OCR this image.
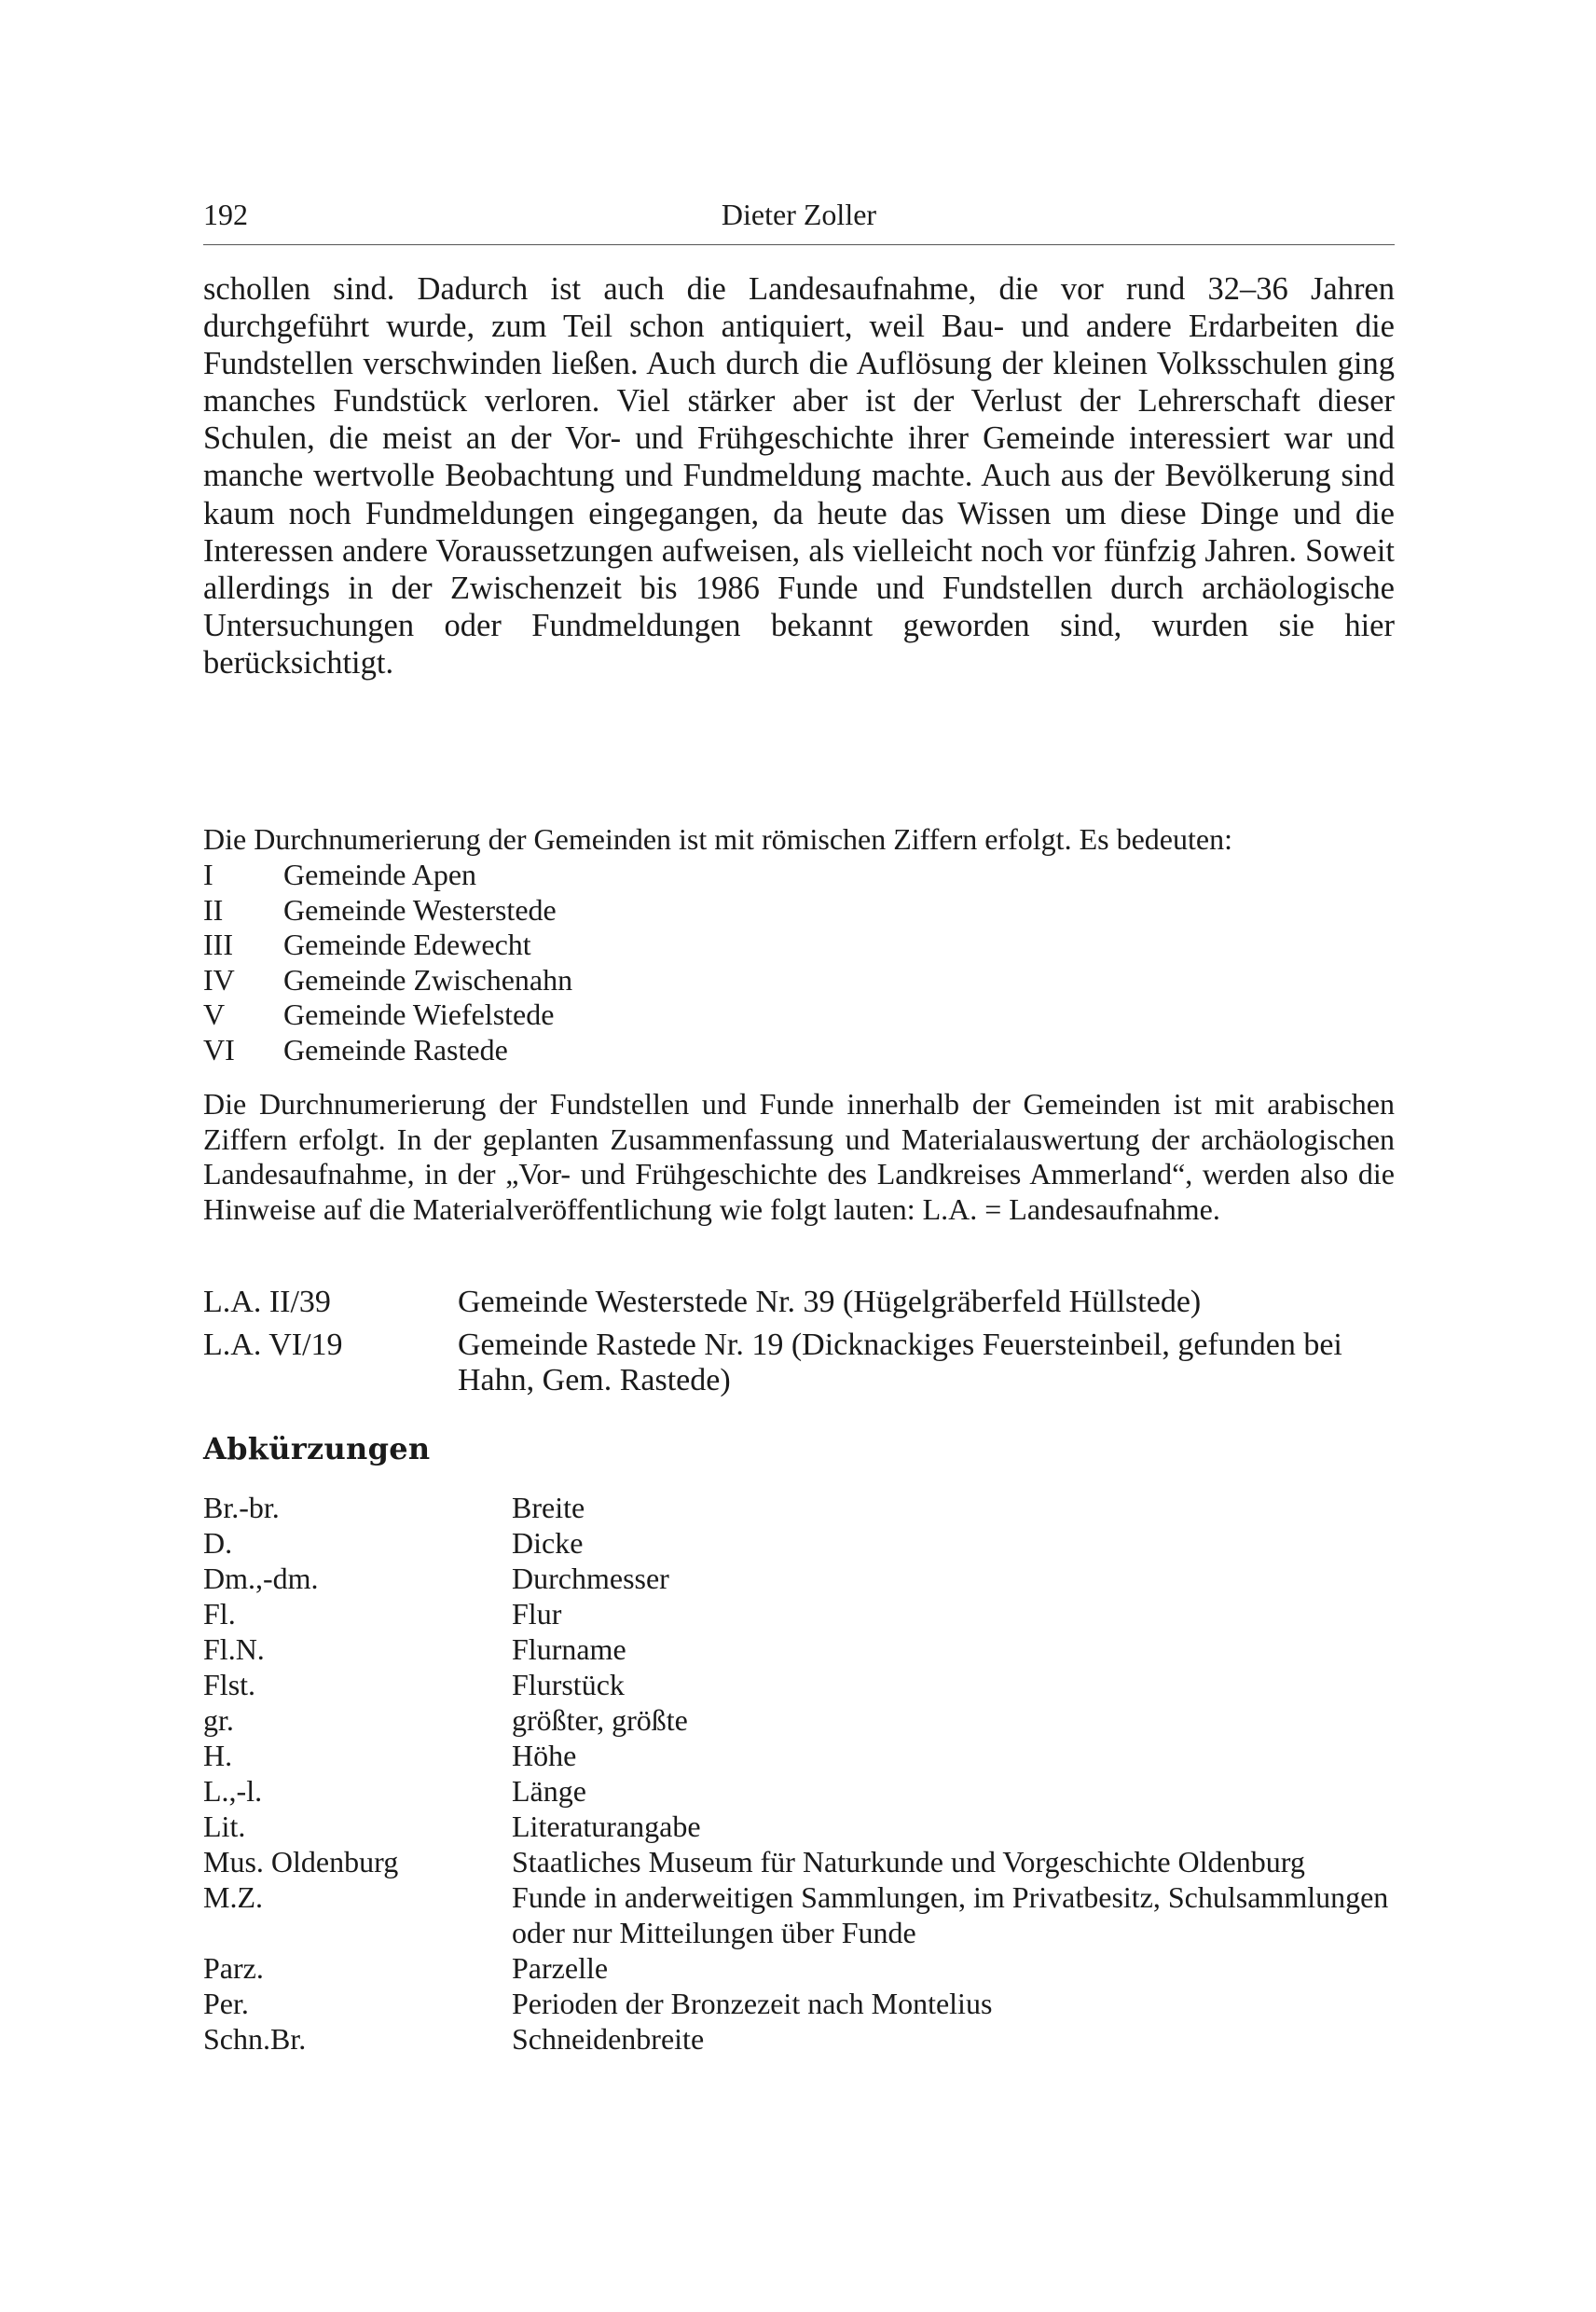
192	Dieter Zoller

schollen sind. Dadurch ist auch die Landesaufnahme, die vor rund 32–36 Jahren durchgeführt wurde, zum Teil schon antiquiert, weil Bau- und andere Erdarbeiten die Fundstellen verschwinden ließen. Auch durch die Auflösung der kleinen Volksschulen ging manches Fundstück verloren. Viel stärker aber ist der Verlust der Lehrerschaft dieser Schulen, die meist an der Vor- und Frühgeschichte ihrer Gemeinde interessiert war und manche wertvolle Beobachtung und Fundmeldung machte. Auch aus der Bevölkerung sind kaum noch Fundmeldungen eingegangen, da heute das Wissen um diese Dinge und die Interessen andere Voraussetzungen aufweisen, als vielleicht noch vor fünfzig Jahren. Soweit allerdings in der Zwischenzeit bis 1986 Funde und Fundstellen durch archäologische Untersuchungen oder Fundmeldungen bekannt geworden sind, wurden sie hier berücksichtigt.

Die Durchnumerierung der Gemeinden ist mit römischen Ziffern erfolgt. Es bedeuten:

I	Gemeinde Apen
II	Gemeinde Westerstede
III	Gemeinde Edewecht
IV	Gemeinde Zwischenahn
V	Gemeinde Wiefelstede
VI	Gemeinde Rastede

Die Durchnumerierung der Fundstellen und Funde innerhalb der Gemeinden ist mit arabischen Ziffern erfolgt. In der geplanten Zusammenfassung und Materialauswertung der archäologischen Landesaufnahme, in der „Vor- und Frühgeschichte des Landkreises Ammerland“, werden also die Hinweise auf die Materialveröffentlichung wie folgt lauten: L.A. = Landesaufnahme.

L.A. II/39	Gemeinde Westerstede Nr. 39 (Hügelgräberfeld Hüllstede)
L.A. VI/19	Gemeinde Rastede Nr. 19 (Dicknackiges Feuersteinbeil, gefunden bei Hahn, Gem. Rastede)
Abkürzungen
Br.-br.	Breite
D.	Dicke
Dm.,-dm.	Durchmesser
Fl.	Flur
Fl.N.	Flurname
Flst.	Flurstück
gr.	größter, größte
H.	Höhe
L.,-l.	Länge
Lit.	Literaturangabe
Mus. Oldenburg	Staatliches Museum für Naturkunde und Vorgeschichte Oldenburg
M.Z.	Funde in anderweitigen Sammlungen, im Privatbesitz, Schulsammlungen oder nur Mitteilungen über Funde
Parz.	Parzelle
Per.	Perioden der Bronzezeit nach Montelius
Schn.Br.	Schneidenbreite
